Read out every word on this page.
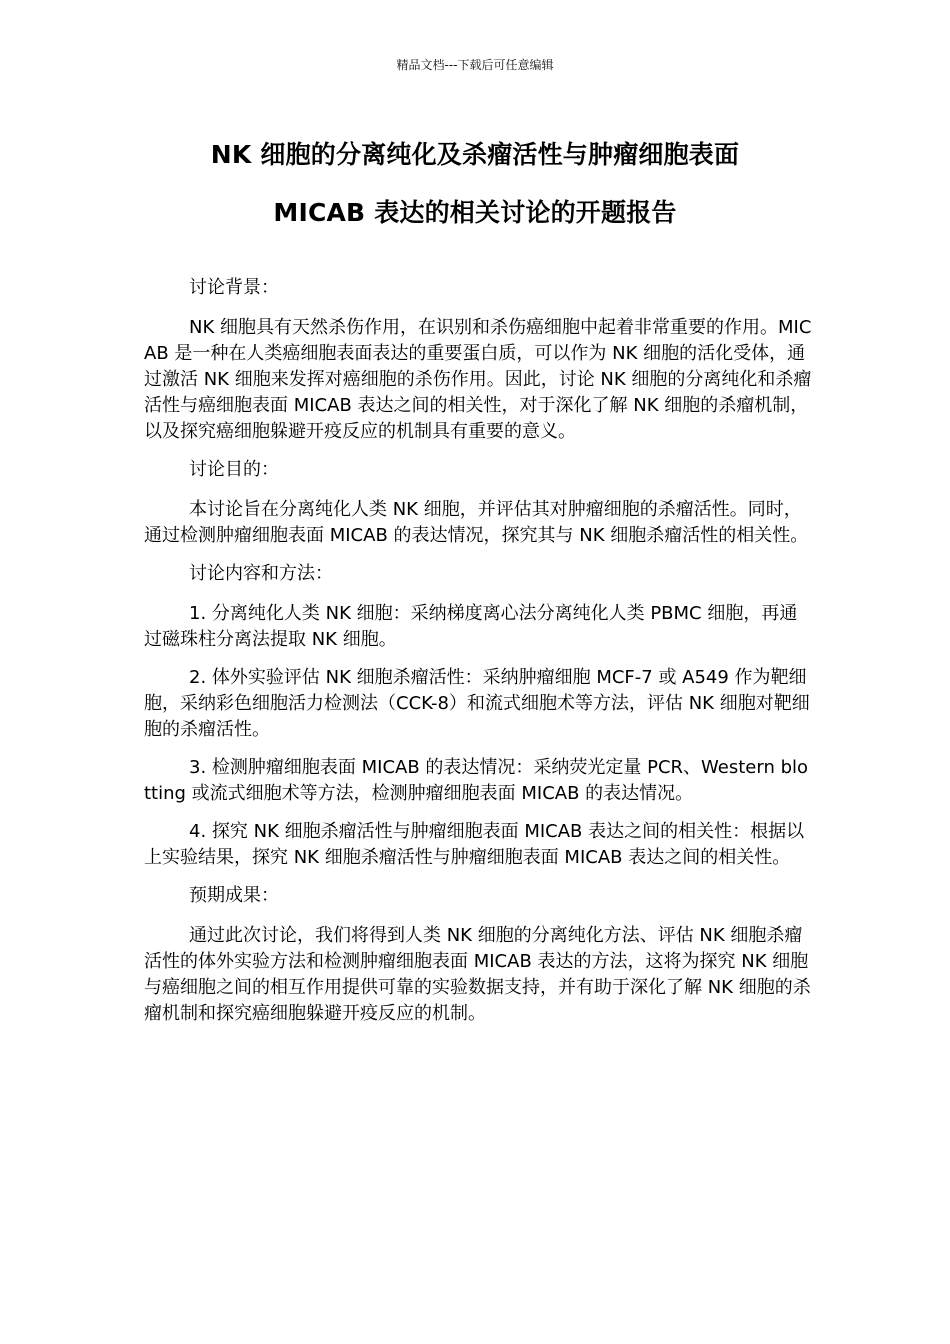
精品文档---下载后可任意编辑
NK 细胞的分离纯化及杀瘤活性与肿瘤细胞表面
MICAB 表达的相关讨论的开题报告

讨论背景：

NK 细胞具有天然杀伤作用，在识别和杀伤癌细胞中起着非常重要的作用。MICAB 是一种在人类癌细胞表面表达的重要蛋白质，可以作为 NK 细胞的活化受体，通过激活 NK 细胞来发挥对癌细胞的杀伤作用。因此，讨论 NK 细胞的分离纯化和杀瘤活性与癌细胞表面 MICAB 表达之间的相关性，对于深化了解 NK 细胞的杀瘤机制，以及探究癌细胞躲避开疫反应的机制具有重要的意义。

讨论目的：

本讨论旨在分离纯化人类 NK 细胞，并评估其对肿瘤细胞的杀瘤活性。同时，通过检测肿瘤细胞表面 MICAB 的表达情况，探究其与 NK 细胞杀瘤活性的相关性。

讨论内容和方法：

1. 分离纯化人类 NK 细胞：采纳梯度离心法分离纯化人类 PBMC 细胞，再通过磁珠柱分离法提取 NK 细胞。

2. 体外实验评估 NK 细胞杀瘤活性：采纳肿瘤细胞 MCF-7 或 A549 作为靶细胞，采纳彩色细胞活力检测法（CCK-8）和流式细胞术等方法，评估 NK 细胞对靶细胞的杀瘤活性。

3. 检测肿瘤细胞表面 MICAB 的表达情况：采纳荧光定量 PCR、Western blotting 或流式细胞术等方法，检测肿瘤细胞表面 MICAB 的表达情况。

4. 探究 NK 细胞杀瘤活性与肿瘤细胞表面 MICAB 表达之间的相关性：根据以上实验结果，探究 NK 细胞杀瘤活性与肿瘤细胞表面 MICAB 表达之间的相关性。

预期成果：

通过此次讨论，我们将得到人类 NK 细胞的分离纯化方法、评估 NK 细胞杀瘤活性的体外实验方法和检测肿瘤细胞表面 MICAB 表达的方法，这将为探究 NK 细胞与癌细胞之间的相互作用提供可靠的实验数据支持，并有助于深化了解 NK 细胞的杀瘤机制和探究癌细胞躲避开疫反应的机制。
